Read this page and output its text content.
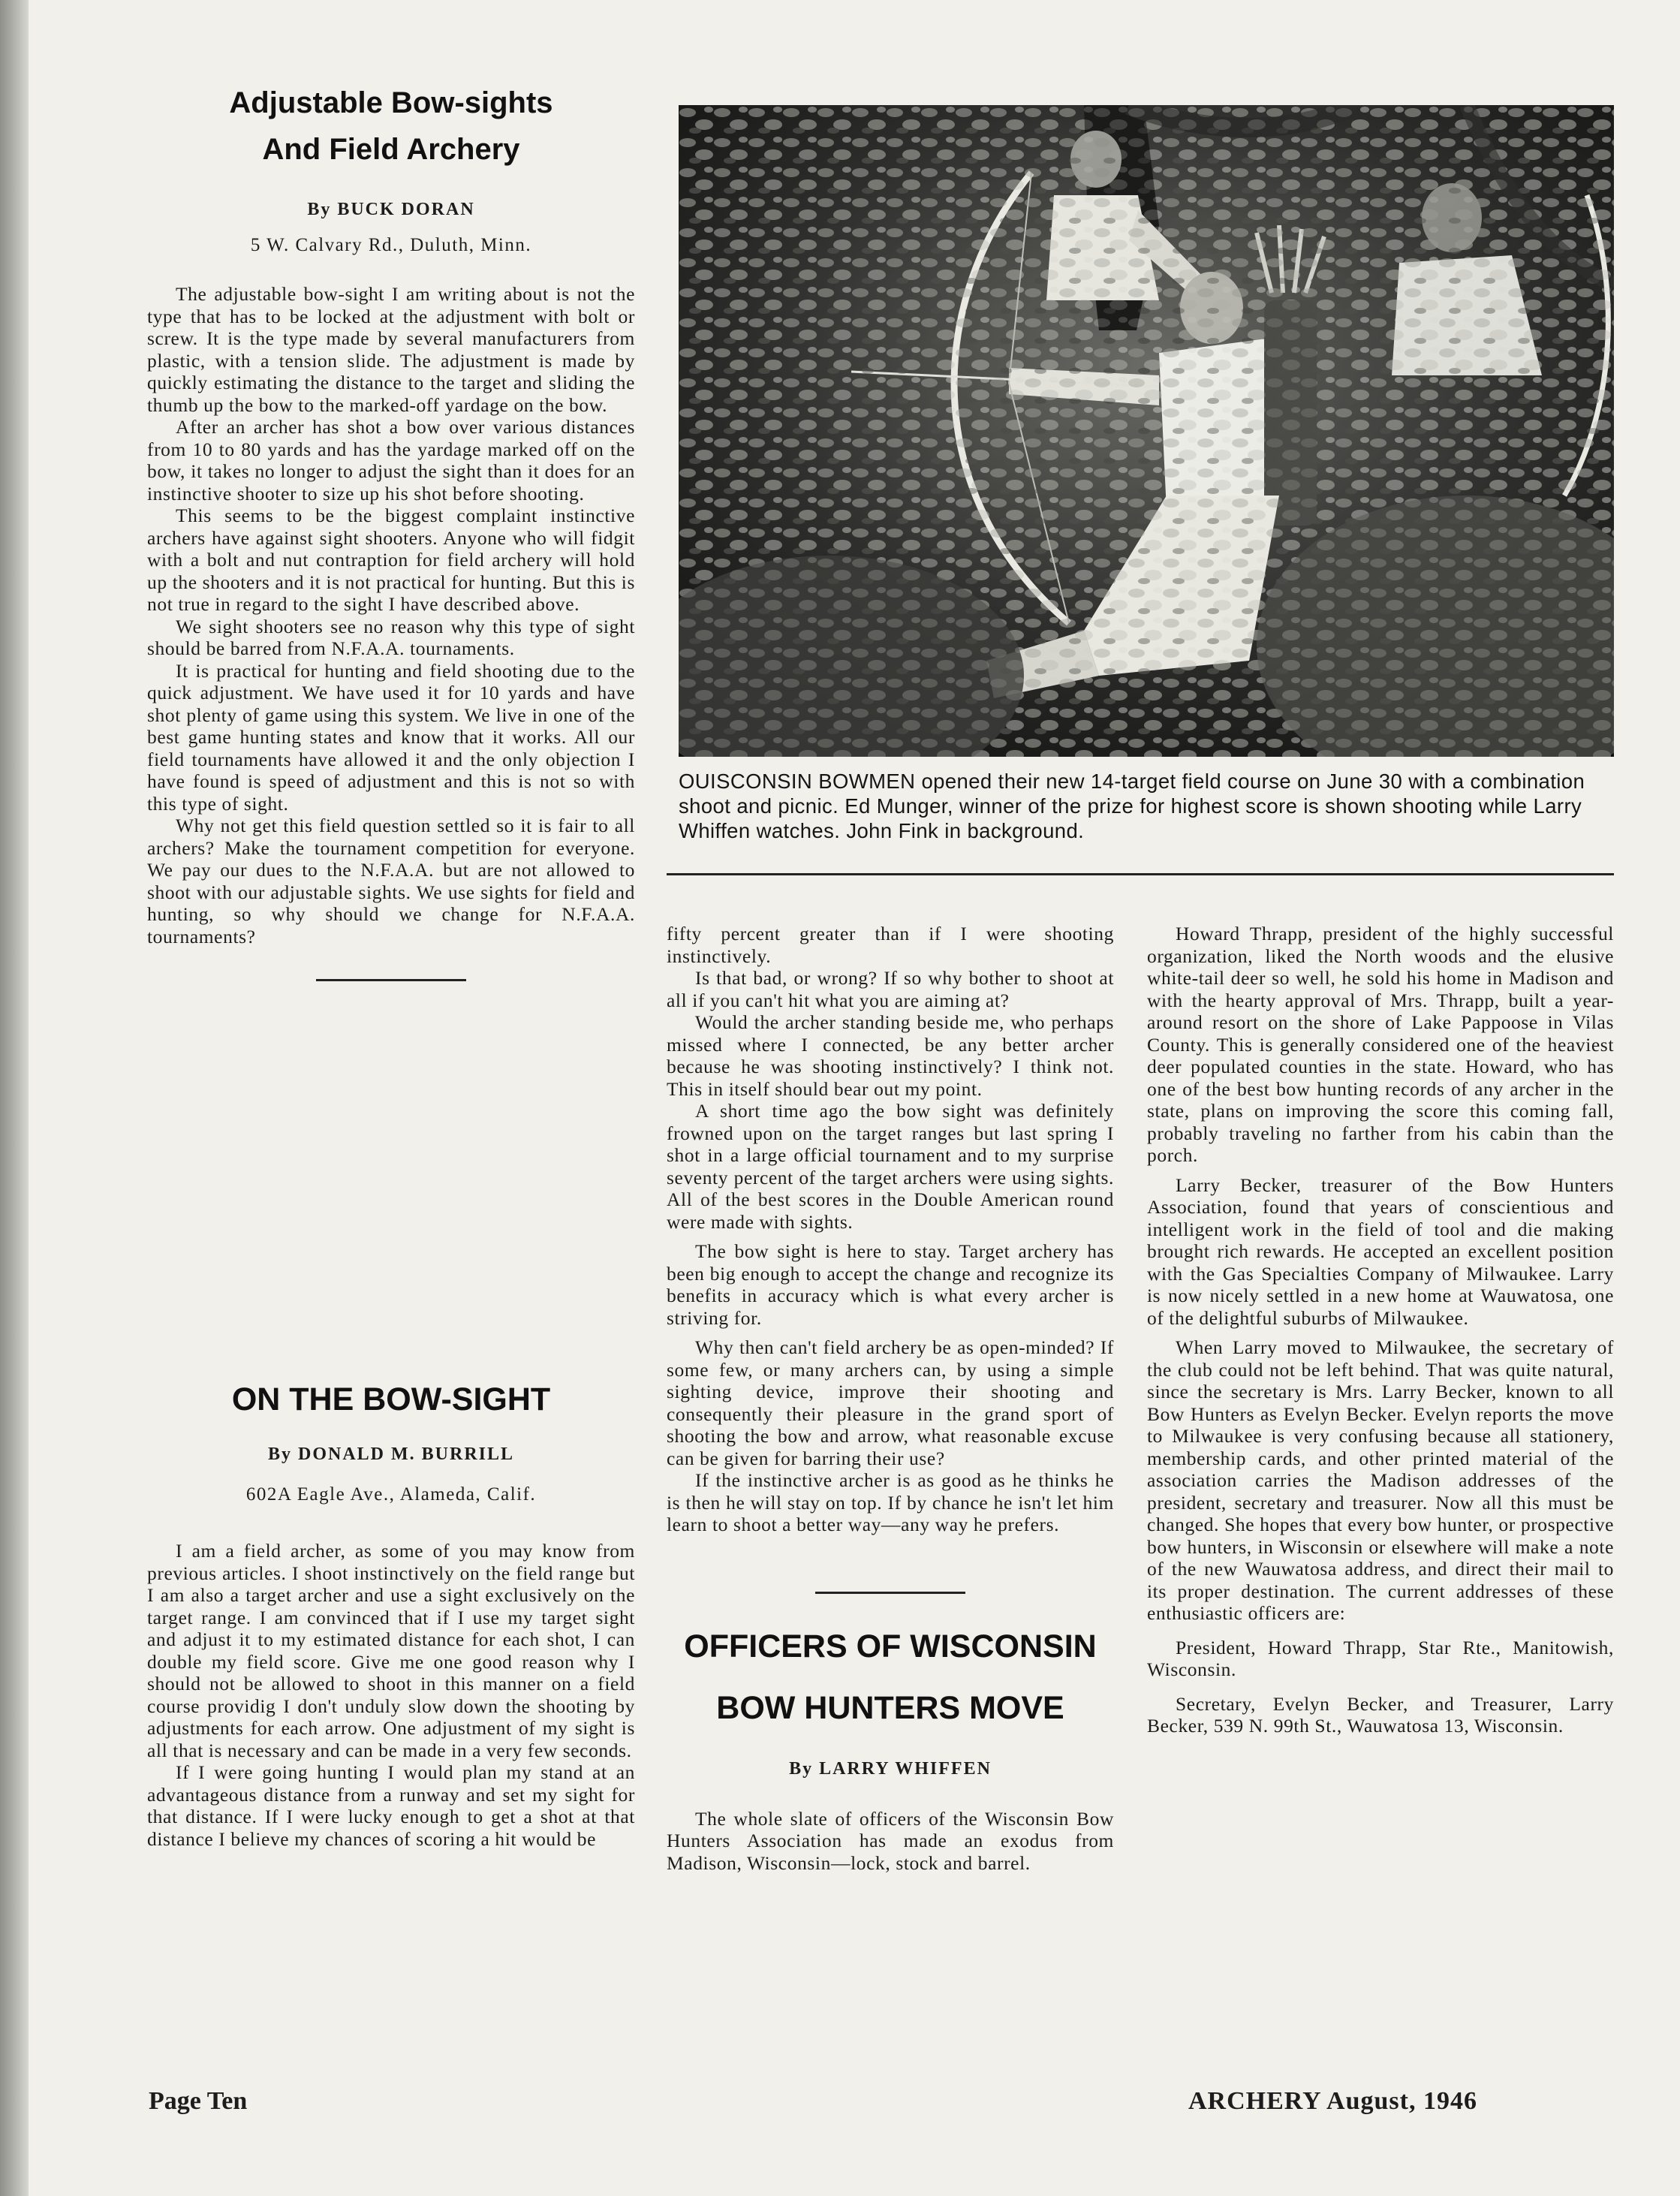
Adjustable Bow-sights
And Field Archery

By BUCK DORAN

5 W. Calvary Rd., Duluth, Minn.

The adjustable bow-sight I am writing about is not the type that has to be locked at the adjustment with bolt or screw. It is the type made by several manufacturers from plastic, with a tension slide. The adjustment is made by quickly estimating the distance to the target and sliding the thumb up the bow to the marked-off yardage on the bow.

After an archer has shot a bow over various distances from 10 to 80 yards and has the yardage marked off on the bow, it takes no longer to adjust the sight than it does for an instinctive shooter to size up his shot before shooting.

This seems to be the biggest complaint instinctive archers have against sight shooters. Anyone who will fidgit with a bolt and nut contraption for field archery will hold up the shooters and it is not practical for hunting. But this is not true in regard to the sight I have described above.

We sight shooters see no reason why this type of sight should be barred from N.F.A.A. tournaments.

It is practical for hunting and field shooting due to the quick adjustment. We have used it for 10 yards and have shot plenty of game using this system. We live in one of the best game hunting states and know that it works. All our field tournaments have allowed it and the only objection I have found is speed of adjustment and this is not so with this type of sight.

Why not get this field question settled so it is fair to all archers? Make the tournament competition for everyone. We pay our dues to the N.F.A.A. but are not allowed to shoot with our adjustable sights. We use sights for field and hunting, so why should we change for N.F.A.A. tournaments?

ON THE BOW-SIGHT

By DONALD M. BURRILL

602A Eagle Ave., Alameda, Calif.

I am a field archer, as some of you may know from previous articles. I shoot instinctively on the field range but I am also a target archer and use a sight exclusively on the target range. I am convinced that if I use my target sight and adjust it to my estimated distance for each shot, I can double my field score. Give me one good reason why I should not be allowed to shoot in this manner on a field course providig I don't unduly slow down the shooting by adjustments for each arrow. One adjustment of my sight is all that is necessary and can be made in a very few seconds.

If I were going hunting I would plan my stand at an advantageous distance from a runway and set my sight for that distance. If I were lucky enough to get a shot at that distance I believe my chances of scoring a hit would be

OUISCONSIN BOWMEN opened their new 14-target field course on June 30 with a combination shoot and picnic. Ed Munger, winner of the prize for highest score is shown shooting while Larry Whiffen watches. John Fink in background.

fifty percent greater than if I were shooting instinctively.

Is that bad, or wrong? If so why bother to shoot at all if you can't hit what you are aiming at?

Would the archer standing beside me, who perhaps missed where I connected, be any better archer because he was shooting instinctively? I think not. This in itself should bear out my point.

A short time ago the bow sight was definitely frowned upon on the target ranges but last spring I shot in a large official tournament and to my surprise seventy percent of the target archers were using sights. All of the best scores in the Double American round were made with sights.

The bow sight is here to stay. Target archery has been big enough to accept the change and recognize its benefits in accuracy which is what every archer is striving for.

Why then can't field archery be as open-minded? If some few, or many archers can, by using a simple sighting device, improve their shooting and consequently their pleasure in the grand sport of shooting the bow and arrow, what reasonable excuse can be given for barring their use?

If the instinctive archer is as good as he thinks he is then he will stay on top. If by chance he isn't let him learn to shoot a better way—any way he prefers.

OFFICERS OF WISCONSIN
BOW HUNTERS MOVE

By LARRY WHIFFEN

The whole slate of officers of the Wisconsin Bow Hunters Association has made an exodus from Madison, Wisconsin—lock, stock and barrel.

Howard Thrapp, president of the highly successful organization, liked the North woods and the elusive white-tail deer so well, he sold his home in Madison and with the hearty approval of Mrs. Thrapp, built a year-around resort on the shore of Lake Pappoose in Vilas County. This is generally considered one of the heaviest deer populated counties in the state. Howard, who has one of the best bow hunting records of any archer in the state, plans on improving the score this coming fall, probably traveling no farther from his cabin than the porch.

Larry Becker, treasurer of the Bow Hunters Association, found that years of conscientious and intelligent work in the field of tool and die making brought rich rewards. He accepted an excellent position with the Gas Specialties Company of Milwaukee. Larry is now nicely settled in a new home at Wauwatosa, one of the delightful suburbs of Milwaukee.

When Larry moved to Milwaukee, the secretary of the club could not be left behind. That was quite natural, since the secretary is Mrs. Larry Becker, known to all Bow Hunters as Evelyn Becker. Evelyn reports the move to Milwaukee is very confusing because all stationery, membership cards, and other printed material of the association carries the Madison addresses of the president, secretary and treasurer. Now all this must be changed. She hopes that every bow hunter, or prospective bow hunters, in Wisconsin or elsewhere will make a note of the new Wauwatosa address, and direct their mail to its proper destination. The current addresses of these enthusiastic officers are:

President, Howard Thrapp, Star Rte., Manitowish, Wisconsin.

Secretary, Evelyn Becker, and Treasurer, Larry Becker, 539 N. 99th St., Wauwatosa 13, Wisconsin.

Page Ten	ARCHERY August, 1946
